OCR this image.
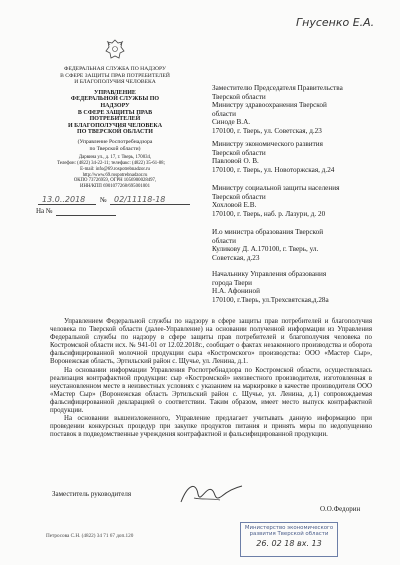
Гнусенко Е.А.
ФЕДЕРАЛЬНАЯ СЛУЖБА ПО НАДЗОРУ
В СФЕРЕ ЗАЩИТЫ ПРАВ ПОТРЕБИТЕЛЕЙ
И БЛАГОПОЛУЧИЯ ЧЕЛОВЕКА
УПРАВЛЕНИЕ
ФЕДЕРАЛЬНОЙ СЛУЖБЫ ПО НАДЗОРУ
В СФЕРЕ ЗАЩИТЫ ПРАВ ПОТРЕБИТЕЛЕЙ
И БЛАГОПОЛУЧИЯ ЧЕЛОВЕКА
ПО ТВЕРСКОЙ ОБЛАСТИ
(Управление Роспотребнадзора
по Тверской области)
Дарвина ул., д. 17, г. Тверь, 170034,
Телефон: (4822) 34-22-11; телефакс: (4822) 35-61-88;
E-mail: info@69.rospotrebnadzor.ru
http://www.69.rospotrebnadzor.ru
ОКПО 73726959, ОГРН 1056900028497,
ИНН/КПП 6901077268/695001001
13.0..2018 № 02/11118-18
На №
Заместителю Председателя Правительства
Тверской области
Министру здравоохранения Тверской
области
Синоде В.А.
170100, г. Тверь, ул. Советская, д.23
Министру экономического развития
Тверской области
Павловой О. В.
170100, г. Тверь, ул. Новоторжская, д.24
Министру социальной защиты населения
Тверской области
Хохловой Е.В.
170100, г. Тверь, наб. р. Лазури, д. 20
И.о министра образования Тверской
области
Куликову Д. А.170100, г. Тверь, ул.
Советская, д.23
Начальнику Управления образования
города Твери
Н.А. Афониной
170100, г.Тверь, ул.Трехсвятская,д.28а

Управлением Федеральной службы по надзору в сфере защиты прав потребителей и благополучия человека по Тверской области (далее-Управление) на основании полученной информации из Управления Федеральной службы по надзору в сфере защиты прав потребителей и благополучия человека по Костромской области исх. № 941-01 от 12.02.2018г., сообщает о фактах незаконного производства и оборота фальсифицированной молочной продукции сыра «Костромского» производства: ООО «Мастер Сыр», Воронежская область, Эртильский район с. Щучье, ул. Ленина, д.1.

На основании информации Управления Роспотребнадзора по Костромской области, осуществлялась реализация контрафактной продукции: сыр «Костромской» неизвестного производителя, изготовленная в неустановленном месте в неизвестных условиях с указанием на маркировке в качестве производителя ООО «Мастер Сыр» (Воронежская область Эртильский район с. Щучье, ул. Ленина, д.1) сопровождаемая фальсифицированной декларацией о соответствии. Таким образом, имеет место выпуск контрафактной продукции.

На основании вышеизложенного, Управление предлагает учитывать данную информацию при проведении конкурсных процедур при закупке продуктов питания и принять меры по недопущению поставок в подведомственные учреждения контрафактной и фальсифицированной продукции.

Заместитель руководителя
О.О.Федорин
Петросова С.Н. (4822) 34 71 67 доп.120
Министерство экономического
развития Тверской области
26. 02 18 вх. 13
